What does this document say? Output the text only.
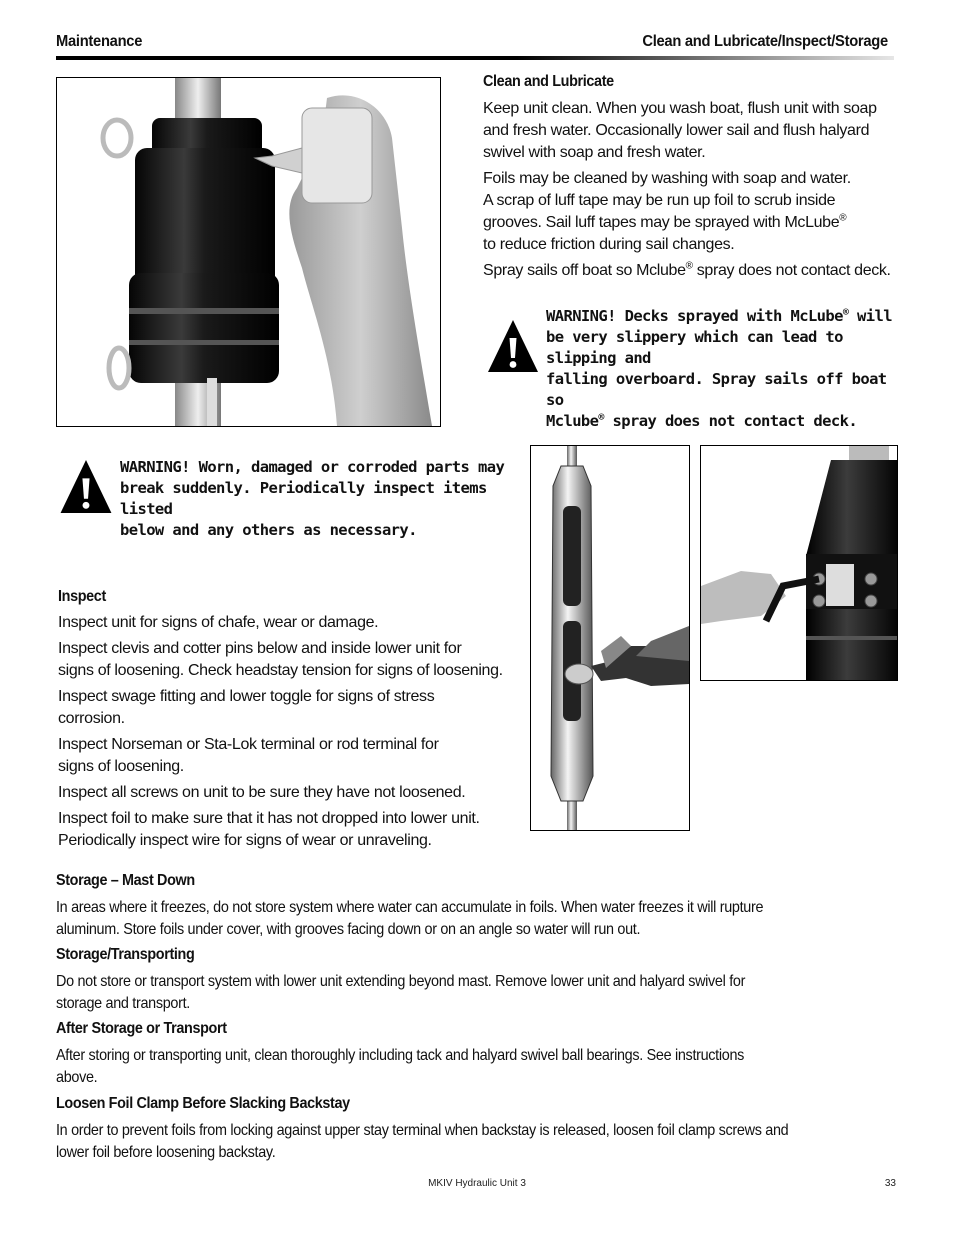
Maintenance	Clean and Lubricate/Inspect/Storage
Clean and Lubricate

Keep unit clean. When you wash boat, flush unit with soap and fresh water. Occasionally lower sail and flush halyard swivel with soap and fresh water.

Foils may be cleaned by washing with soap and water.

A scrap of luff tape may be run up foil to scrub inside

grooves. Sail luff tapes may be sprayed with McLube®

to reduce friction during sail changes.

Spray sails off boat so Mclube® spray does not contact deck.

WARNING! Decks sprayed with McLube® will
be very slippery which can lead to slipping and
falling overboard. Spray sails off boat so
Mclube® spray does not contact deck.
WARNING! Worn, damaged or corroded parts may
break suddenly. Periodically inspect items listed
below and any others as necessary.
Inspect

Inspect unit for signs of chafe, wear or damage.

Inspect clevis and cotter pins below and inside lower unit for

signs of loosening. Check headstay tension for signs of loosening.

Inspect swage fitting and lower toggle for signs of stress

corrosion.

Inspect Norseman or Sta-Lok terminal or rod terminal for

signs of loosening.

Inspect all screws on unit to be sure they have not loosened.

Inspect foil to make sure that it has not dropped into lower unit.

Periodically inspect wire for signs of wear or unraveling.

Storage – Mast Down

In areas where it freezes, do not store system where water can accumulate in foils. When water freezes it will rupture

aluminum. Store foils under cover, with grooves facing down or on an angle so water will run out.

Storage/Transporting

Do not store or transport system with lower unit extending beyond mast. Remove lower unit and halyard swivel for

storage and transport.

After Storage or Transport

After storing or transporting unit, clean thoroughly including tack and halyard swivel ball bearings. See instructions

above.

Loosen Foil Clamp Before Slacking Backstay

In order to prevent foils from locking against upper stay terminal when backstay is released, loosen foil clamp screws and

lower foil before loosening backstay.

MKIV Hydraulic Unit 3	33
